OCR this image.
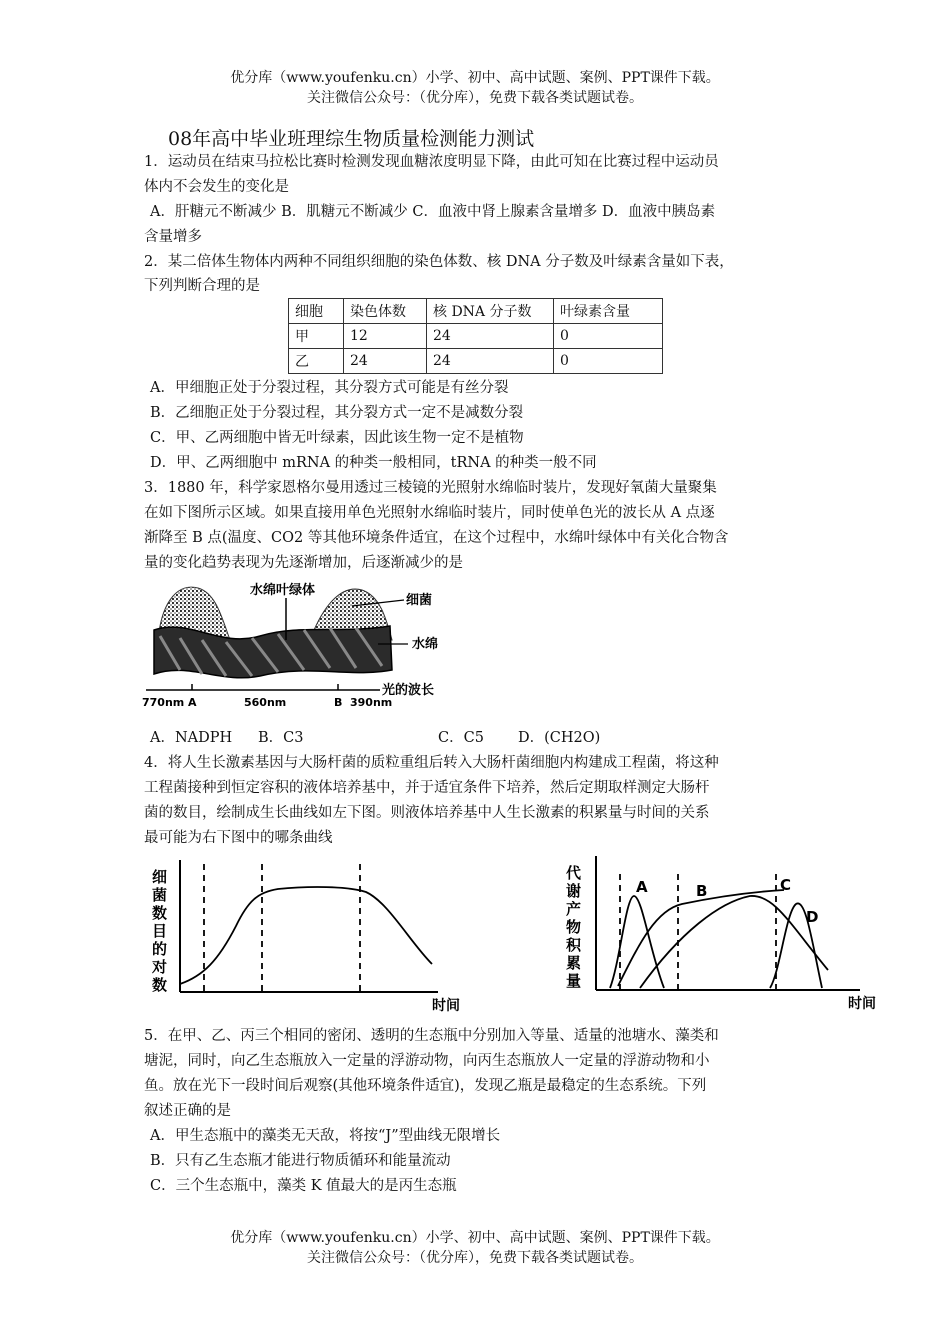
优分库（www.youfenku.cn）小学、初中、高中试题、案例、PPT课件下载。
关注微信公众号：（优分库），免费下载各类试题试卷。
08年高中毕业班理综生物质量检测能力测试
1．运动员在结束马拉松比赛时检测发现血糖浓度明显下降，由此可知在比赛过程中运动员
体内不会发生的变化是
A．肝糖元不断减少 B．肌糖元不断减少 C．血液中肾上腺素含量增多 D．血液中胰岛素
含量增多
2．某二倍体生物体内两种不同组织细胞的染色体数、核 DNA 分子数及叶绿素含量如下表，
下列判断合理的是
细胞	染色体数	核 DNA 分子数	叶绿素含量
甲	12	24	0
乙	24	24	0
A．甲细胞正处于分裂过程，其分裂方式可能是有丝分裂
B．乙细胞正处于分裂过程，其分裂方式一定不是减数分裂
C．甲、乙两细胞中皆无叶绿素，因此该生物一定不是植物
D．甲、乙两细胞中 mRNA 的种类一般相同，tRNA 的种类一般不同
3．1880 年，科学家恩格尔曼用透过三棱镜的光照射水绵临时装片，发现好氧菌大量聚集
在如下图所示区域。如果直接用单色光照射水绵临时装片，同时使单色光的波长从 A 点逐
渐降至 B 点(温度、CO2 等其他环境条件适宜，在这个过程中，水绵叶绿体中有关化合物含
量的变化趋势表现为先逐渐增加，后逐渐减少的是
水绵叶绿体
细菌
水绵
光的波长
770nm A	560nm	B 390nm
A．NADPH B．C3	C．C5 D．(CH2O)
4．将人生长激素基因与大肠杆菌的质粒重组后转入大肠杆菌细胞内构建成工程菌，将这种
工程菌接种到恒定容积的液体培养基中，并于适宜条件下培养，然后定期取样测定大肠杆
菌的数目，绘制成生长曲线如左下图。则液体培养基中人生长激素的积累量与时间的关系
最可能为右下图中的哪条曲线
细
菌
数
目
的
对
数
时间
代
谢
产
物
积
累
量
A	B	C
D
时间
5．在甲、乙、丙三个相同的密闭、透明的生态瓶中分别加入等量、适量的池塘水、藻类和
塘泥，同时，向乙生态瓶放入一定量的浮游动物，向丙生态瓶放人一定量的浮游动物和小
鱼。放在光下一段时间后观察(其他环境条件适宜)，发现乙瓶是最稳定的生态系统。下列
叙述正确的是
A．甲生态瓶中的藻类无天敌，将按“J”型曲线无限增长
B．只有乙生态瓶才能进行物质循环和能量流动
C．三个生态瓶中，藻类 K 值最大的是丙生态瓶
优分库（www.youfenku.cn）小学、初中、高中试题、案例、PPT课件下载。
关注微信公众号：（优分库），免费下载各类试题试卷。
